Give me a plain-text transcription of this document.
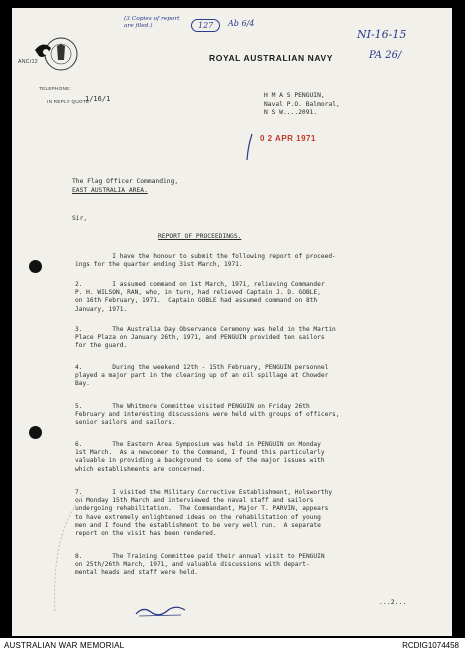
(3 Copies of report are filed.)	127	Ab 6/4
NI-16-15
PA 26/
ANC/12	ROYAL AUSTRALIAN NAVY
TELEPHONE:
IN REPLY QUOTE
1/16/1	H M A S PENGUIN,
Naval P.O. Balmoral,
N S W....2091.
0 2 APR 1971
The Flag Officer Commanding,
EAST AUSTRALIA AREA.
Sir,
REPORT OF PROCEEDINGS.
I have the honour to submit the following report of proceed-
ings for the quarter ending 31st March, 1971.
2.        I assumed command on 1st March, 1971, relieving Commander
P. H. WILSON, RAN, who, in turn, had relieved Captain J. D. GOBLE,
on 16th February, 1971.  Captain GOBLE had assumed command on 8th
January, 1971.
3.        The Australia Day Observance Ceremony was held in the Martin
Place Plaza on January 26th, 1971, and PENGUIN provided ten sailors
for the guard.
4.        During the weekend 12th - 15th February, PENGUIN personnel
played a major part in the clearing up of an oil spillage at Chowder
Bay.
5.        The Whitmore Committee visited PENGUIN on Friday 26th
February and interesting discussions were held with groups of officers,
senior sailors and sailors.
6.        The Eastern Area Symposium was held in PENGUIN on Monday
1st March.  As a newcomer to the Command, I found this particularly
valuable in providing a background to some of the major issues with
which establishments are concerned.
7.        I visited the Military Corrective Establishment, Holsworthy
on Monday 15th March and interviewed the naval staff and sailors
undergoing rehabilitation.  The Commandant, Major T. PARVIN, appears
to have extremely enlightened ideas on the rehabilitation of young
men and I found the establishment to be very well run.  A separate
report on the visit has been rendered.
8.        The Training Committee paid their annual visit to PENGUIN
on 25th/26th March, 1971, and valuable discussions with depart-
mental heads and staff were held.
...2...
AUSTRALIAN WAR MEMORIAL	RCDIG1074458
